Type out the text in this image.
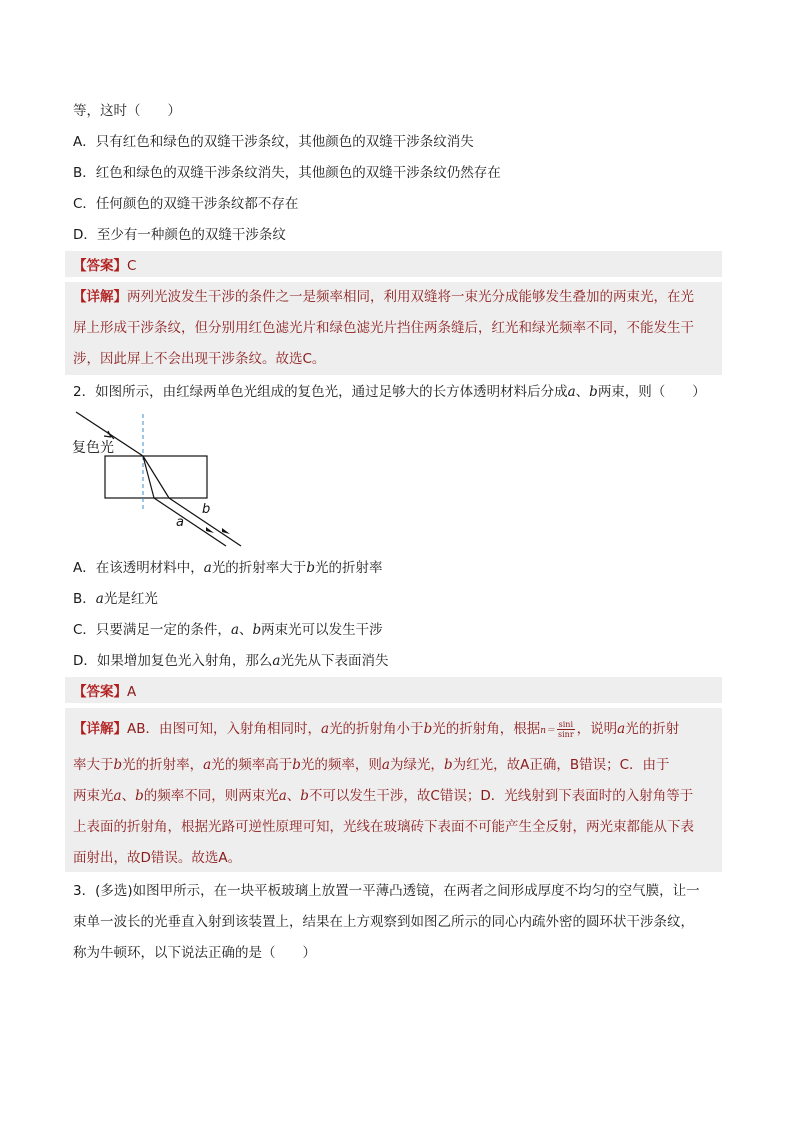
等，这时（　　）
A．只有红色和绿色的双缝干涉条纹，其他颜色的双缝干涉条纹消失
B．红色和绿色的双缝干涉条纹消失，其他颜色的双缝干涉条纹仍然存在
C．任何颜色的双缝干涉条纹都不存在
D．至少有一种颜色的双缝干涉条纹
【答案】C
【详解】两列光波发生干涉的条件之一是频率相同，利用双缝将一束光分成能够发生叠加的两束光，在光
屏上形成干涉条纹，但分别用红色滤光片和绿色滤光片挡住两条缝后，红光和绿光频率不同，不能发生干
涉，因此屏上不会出现干涉条纹。故选C。
2．如图所示，由红绿两单色光组成的复色光，通过足够大的长方体透明材料后分成a、b两束，则（　　）
复色光
a
b
A．在该透明材料中，a光的折射率大于b光的折射率
B．a光是红光
C．只要满足一定的条件，a、b两束光可以发生干涉
D．如果增加复色光入射角，那么a光先从下表面消失
【答案】A
【详解】AB．由图可知，入射角相同时，a光的折射角小于b光的折射角，根据$n= \frac{\sin i}{\sin r}$ ，说明a光的折射
率大于b光的折射率，a光的频率高于b光的频率，则a为绿光，b为红光，故A正确，B错误；C．由于
两束光a、b的频率不同，则两束光a、b不可以发生干涉，故C错误；D．光线射到下表面时的入射角等于
上表面的折射角，根据光路可逆性原理可知，光线在玻璃砖下表面不可能产生全反射，两光束都能从下表
面射出，故D错误。故选A。
3．(多选)如图甲所示，在一块平板玻璃上放置一平薄凸透镜，在两者之间形成厚度不均匀的空气膜，让一
束单一波长的光垂直入射到该装置上，结果在上方观察到如图乙所示的同心内疏外密的圆环状干涉条纹，
称为牛顿环，以下说法正确的是（　　）
